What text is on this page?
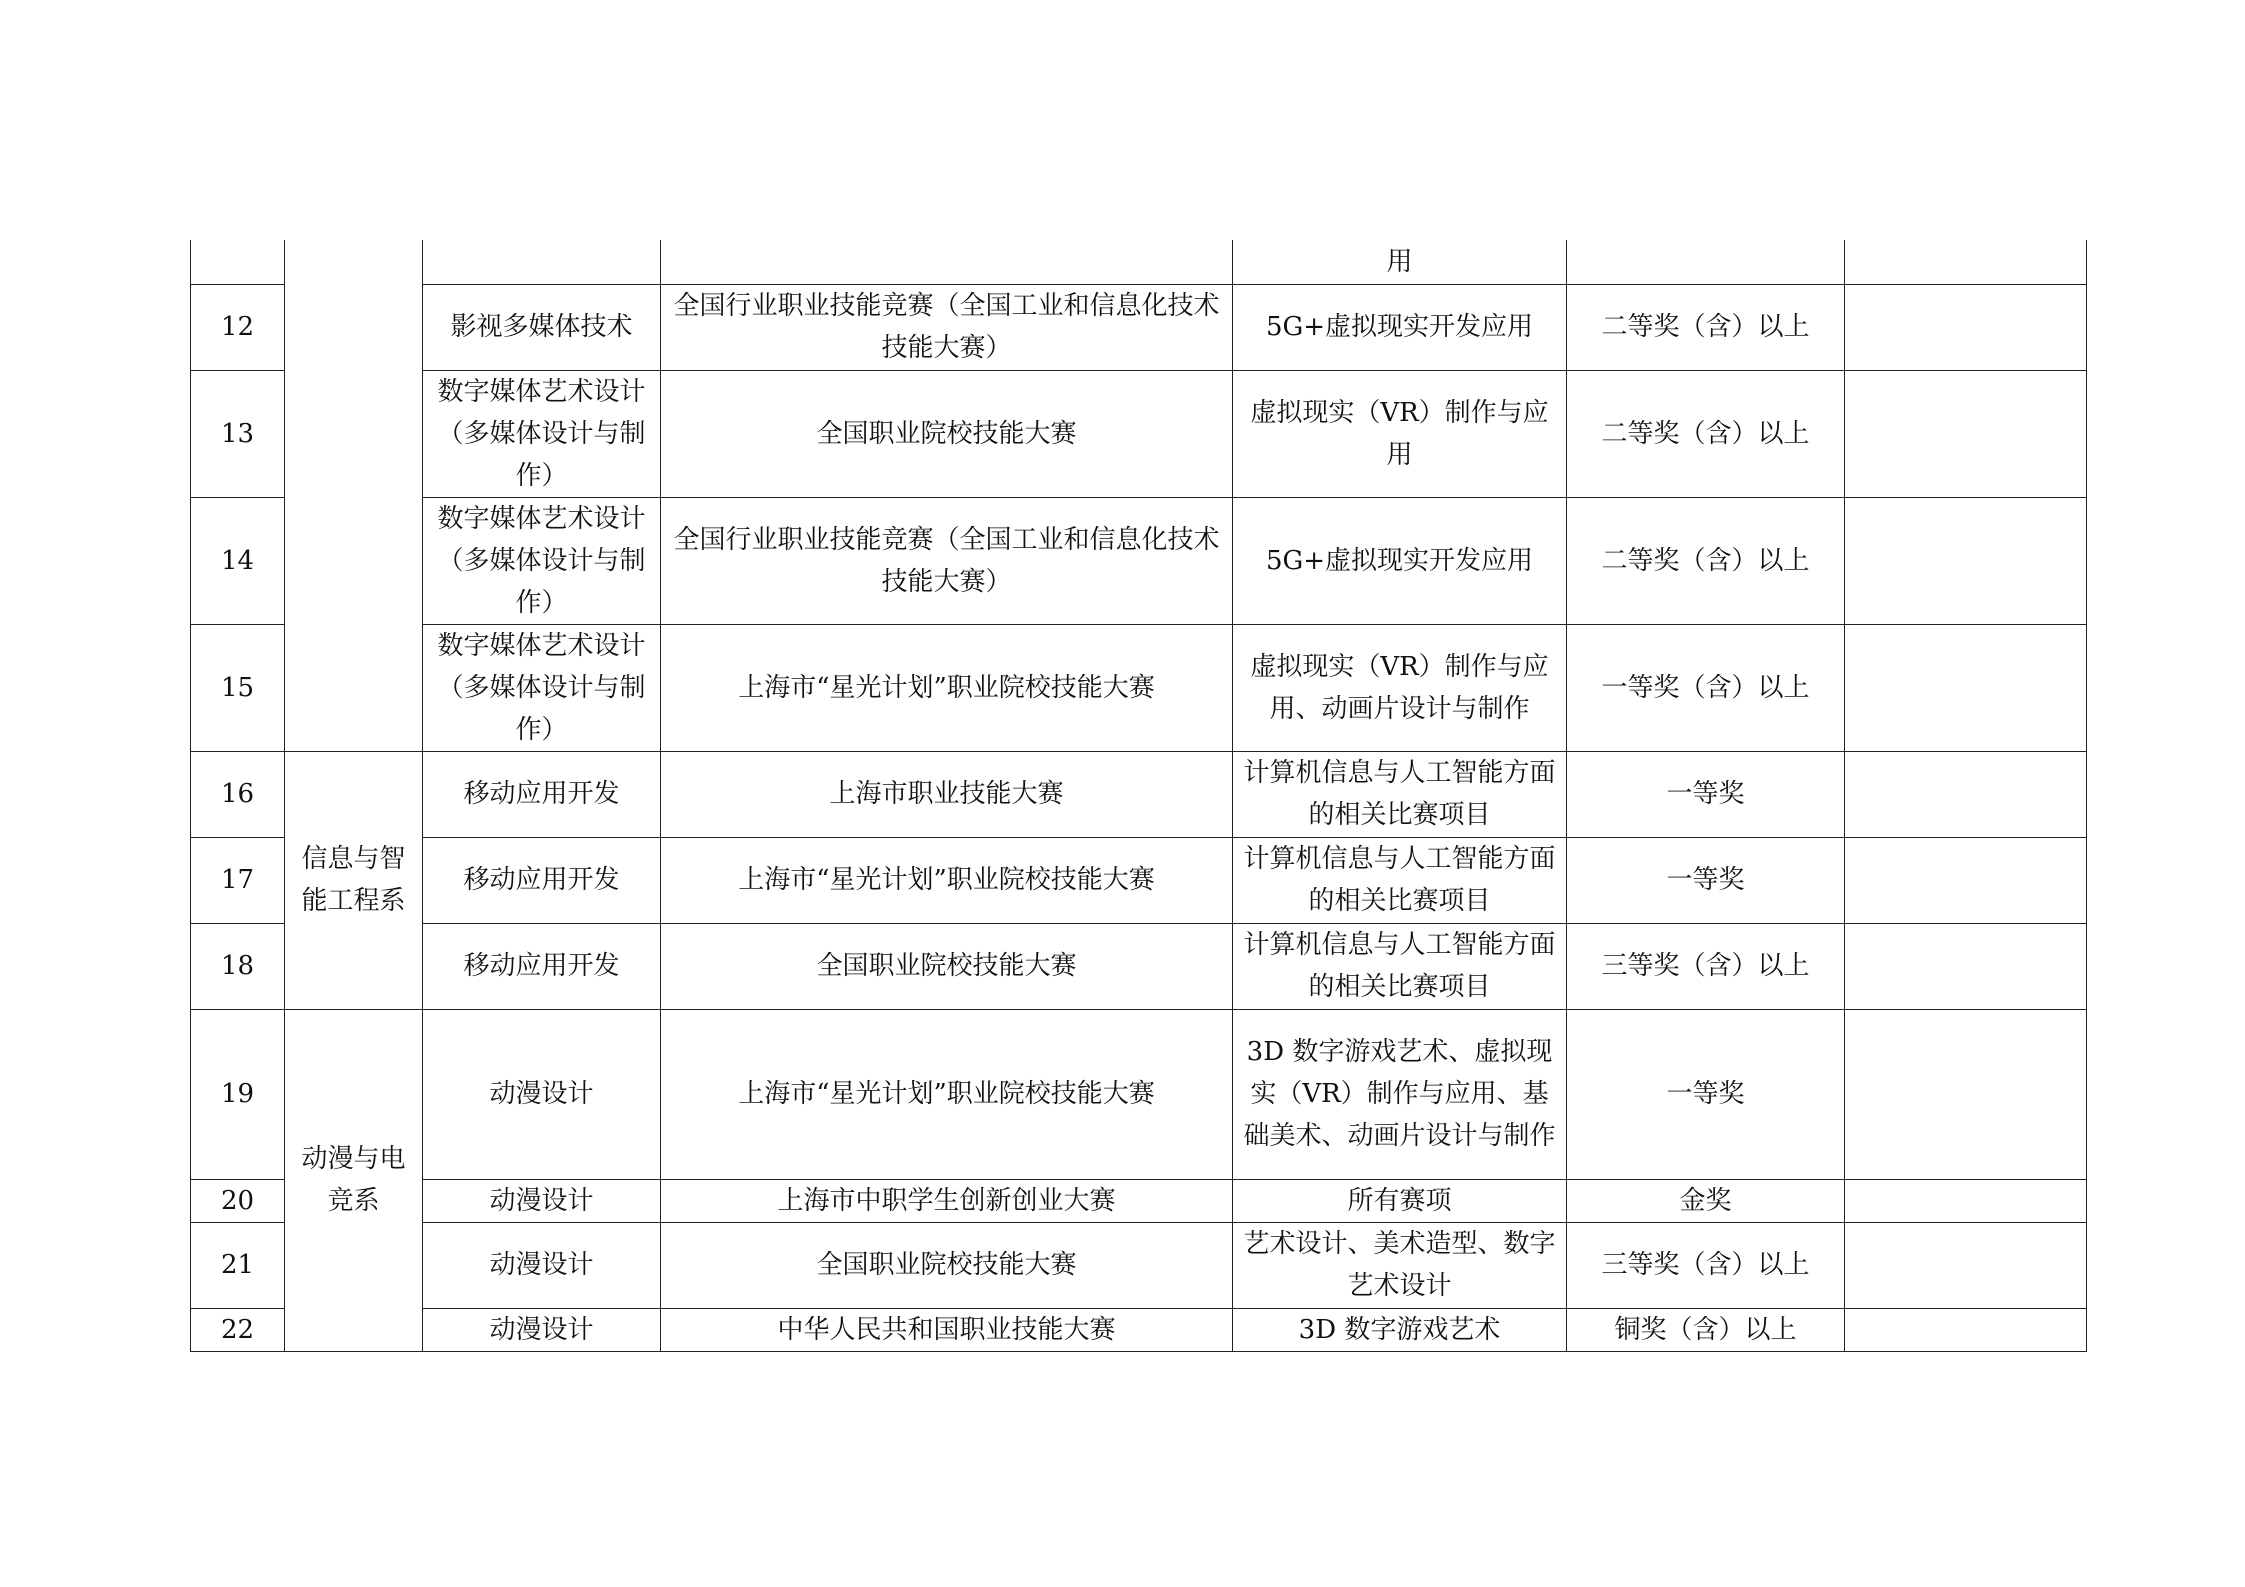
				用		
12		影视多媒体技术	全国行业职业技能竞赛（全国工业和信息化技术技能大赛）	5G+虚拟现实开发应用	二等奖（含）以上	
13		数字媒体艺术设计（多媒体设计与制作）	全国职业院校技能大赛	虚拟现实（VR）制作与应用	二等奖（含）以上	
14		数字媒体艺术设计（多媒体设计与制作）	全国行业职业技能竞赛（全国工业和信息化技术技能大赛）	5G+虚拟现实开发应用	二等奖（含）以上	
15		数字媒体艺术设计（多媒体设计与制作）	上海市“星光计划”职业院校技能大赛	虚拟现实（VR）制作与应用、动画片设计与制作	一等奖（含）以上	
16	信息与智能工程系	移动应用开发	上海市职业技能大赛	计算机信息与人工智能方面的相关比赛项目	一等奖	
17		移动应用开发	上海市“星光计划”职业院校技能大赛	计算机信息与人工智能方面的相关比赛项目	一等奖	
18		移动应用开发	全国职业院校技能大赛	计算机信息与人工智能方面的相关比赛项目	三等奖（含）以上	
19	动漫与电竞系	动漫设计	上海市“星光计划”职业院校技能大赛	3D 数字游戏艺术、虚拟现实（VR）制作与应用、基础美术、动画片设计与制作	一等奖	
20		动漫设计	上海市中职学生创新创业大赛	所有赛项	金奖	
21		动漫设计	全国职业院校技能大赛	艺术设计、美术造型、数字艺术设计	三等奖（含）以上	
22		动漫设计	中华人民共和国职业技能大赛	3D 数字游戏艺术	铜奖（含）以上	
